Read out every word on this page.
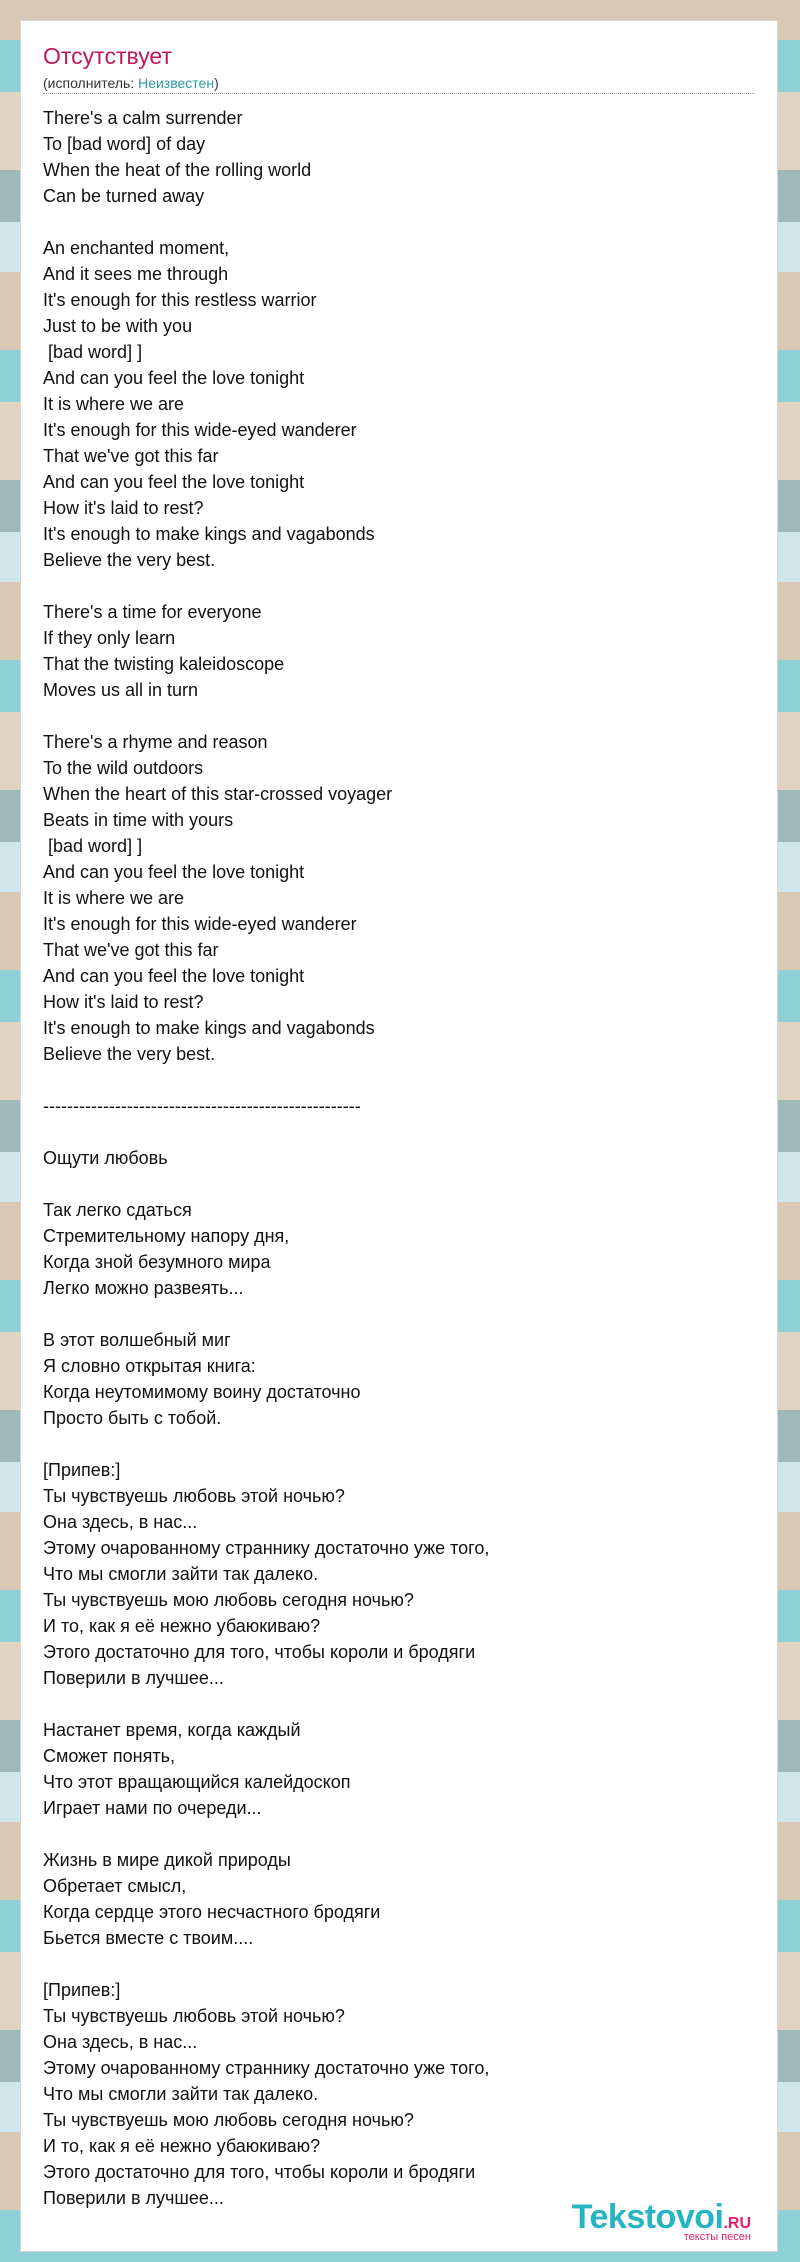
Отсутствует
(исполнитель: Неизвестен)
There's a calm surrender
To [bad word] of day
When the heat of the rolling world
Can be turned away

An enchanted moment,
And it sees me through
It's enough for this restless warrior
Just to be with you
[bad word] ]
And can you feel the love tonight
It is where we are
It's enough for this wide-eyed wanderer
That we've got this far
And can you feel the love tonight
How it's laid to rest?
It's enough to make kings and vagabonds
Believe the very best.

There's a time for everyone
If they only learn
That the twisting kaleidoscope
Moves us all in turn

There's a rhyme and reason
To the wild outdoors
When the heart of this star-crossed voyager
Beats in time with yours
[bad word] ]
And can you feel the love tonight
It is where we are
It's enough for this wide-eyed wanderer
That we've got this far
And can you feel the love tonight
How it's laid to rest?
It's enough to make kings and vagabonds
Believe the very best.

-----------------------------------------------------

Ощути любовь

Так легко сдаться
Стремительному напору дня,
Когда зной безумного мира
Легко можно развеять...

В этот волшебный миг
Я словно открытая книга:
Когда неутомимому воину достаточно
Просто быть с тобой.

[Припев:]
Ты чувствуешь любовь этой ночью?
Она здесь, в нас...
Этому очарованному страннику достаточно уже того,
Что мы смогли зайти так далеко.
Ты чувствуешь мою любовь сегодня ночью?
И то, как я её нежно убаюкиваю?
Этого достаточно для того, чтобы короли и бродяги
Поверили в лучшее...

Настанет время, когда каждый
Сможет понять,
Что этот вращающийся калейдоскоп
Играет нами по очереди...

Жизнь в мире дикой природы
Обретает смысл,
Когда сердце этого несчастного бродяги
Бьется вместе с твоим....

[Припев:]
Ты чувствуешь любовь этой ночью?
Она здесь, в нас...
Этому очарованному страннику достаточно уже того,
Что мы смогли зайти так далеко.
Ты чувствуешь мою любовь сегодня ночью?
И то, как я её нежно убаюкиваю?
Этого достаточно для того, чтобы короли и бродяги
Поверили в лучшее...	Tekstovoi.RU
тексты песен
